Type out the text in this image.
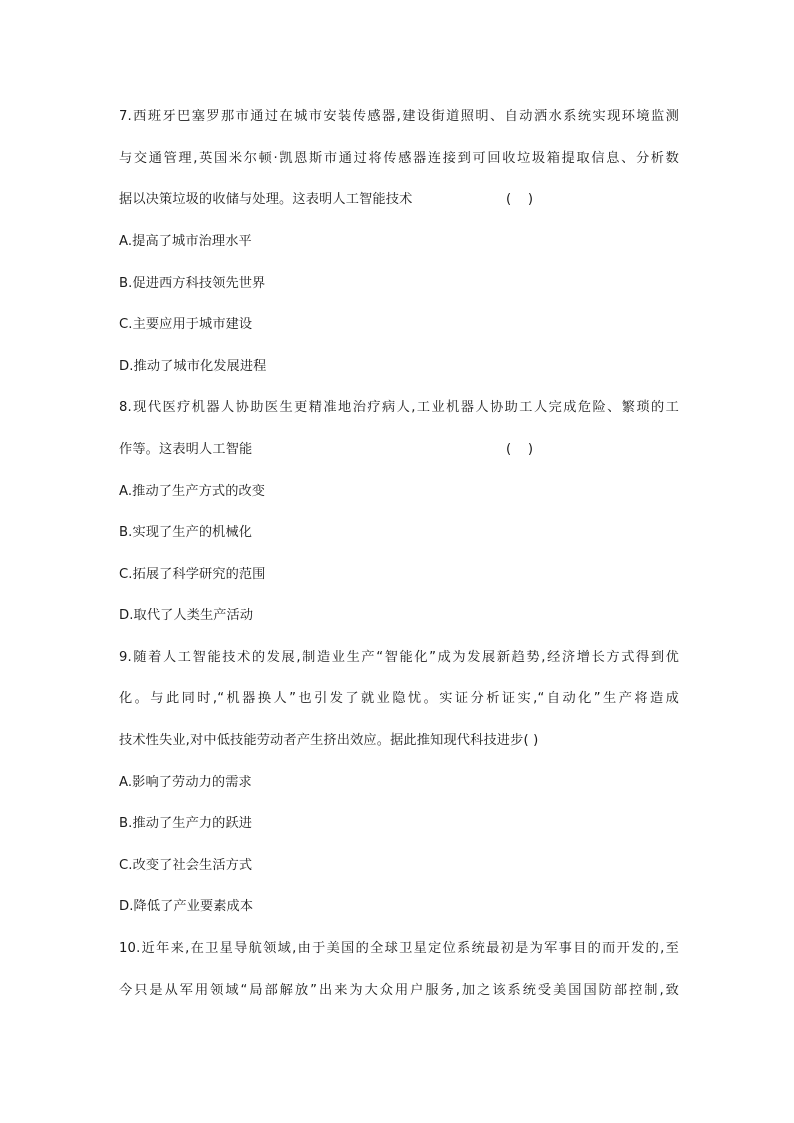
7.西班牙巴塞罗那市通过在城市安装传感器,建设街道照明、自动洒水系统实现环境监测
与交通管理,英国米尔顿·凯恩斯市通过将传感器连接到可回收垃圾箱提取信息、分析数
据以决策垃圾的收储与处理。这表明人工智能技术	(    )
A.提高了城市治理水平
B.促进西方科技领先世界
C.主要应用于城市建设
D.推动了城市化发展进程
8.现代医疗机器人协助医生更精准地治疗病人,工业机器人协助工人完成危险、繁琐的工
作等。这表明人工智能	(    )
A.推动了生产方式的改变
B.实现了生产的机械化
C.拓展了科学研究的范围
D.取代了人类生产活动
9.随着人工智能技术的发展,制造业生产“智能化”成为发展新趋势,经济增长方式得到优
化。与此同时,“机器换人”也引发了就业隐忧。实证分析证实,“自动化”生产将造成
技术性失业,对中低技能劳动者产生挤出效应。据此推知现代科技进步( )
A.影响了劳动力的需求
B.推动了生产力的跃进
C.改变了社会生活方式
D.降低了产业要素成本
10.近年来,在卫星导航领域,由于美国的全球卫星定位系统最初是为军事目的而开发的,至
今只是从军用领域“局部解放”出来为大众用户服务,加之该系统受美国国防部控制,致
